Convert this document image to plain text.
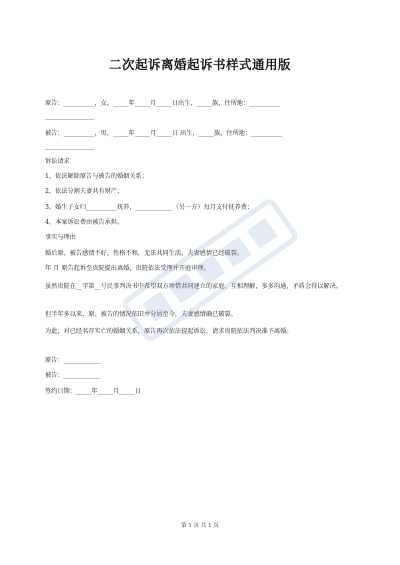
二次起诉离婚起诉书样式通用版
原告：__________，女，_____年_____月_____日出生，_____族，住所地：__________
________________
被告：__________，男，_____年_____月_____日 出生，_____族，住所地：__________
________________
诉讼请求
1、依法解除原告与被告的婚姻关系；
2、依法分割夫妻共有财产；
3、婚生子女归__________抚养，____________（另一方）每月支付抚养费；
4、本案诉讼费由被告承担。
事实与理由
婚后原、被告感情不好，性格不和，无法共同生活，夫妻感情已经破裂。
年 月 原告起诉至贵院提出离婚，贵院依法受理并开庭审理。
虽然贵院在__字第__号民事判决书中希望双方珍惜共同建立的家庭、互相理解，多多沟通，矛盾会得以解决。
但半年多以来，原、被告的情况依旧并分居至今，夫妻感情确已破裂。
为此，对已经名存实亡的婚姻关系，原告再次依法提起诉讼，请求贵院依法判决准予离婚。
原告：____________
被告：____________
签约日期：_____年_____月_____日
第 1 页 共 1 页
